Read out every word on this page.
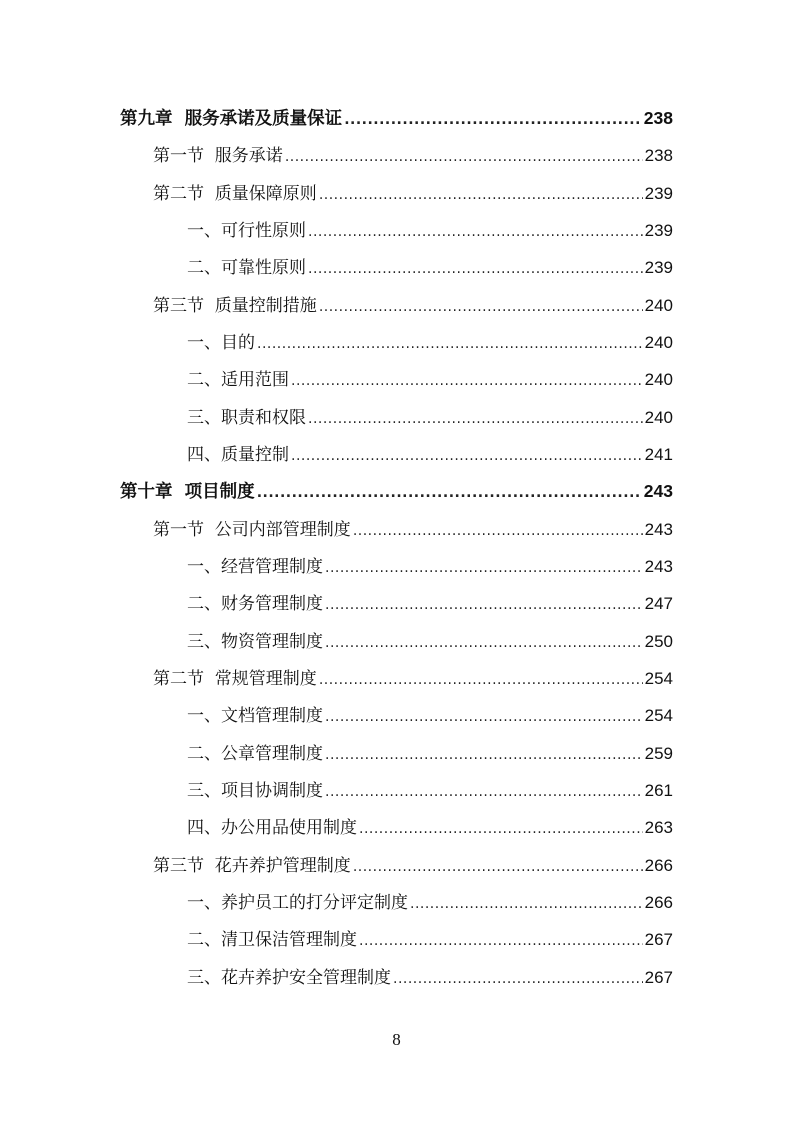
第九章  服务承诺及质量保证 .....	238
第一节  服务承诺 .....	238
第二节  质量保障原则 .....	239
一、可行性原则 .....	239
二、可靠性原则 .....	239
第三节  质量控制措施 .....	240
一、目的 .....	240
二、适用范围 .....	240
三、职责和权限 .....	240
四、质量控制 .....	241
第十章  项目制度 .....	243
第一节  公司内部管理制度 .....	243
一、经营管理制度 .....	243
二、财务管理制度 .....	247
三、物资管理制度 .....	250
第二节  常规管理制度 .....	254
一、文档管理制度 .....	254
二、公章管理制度 .....	259
三、项目协调制度 .....	261
四、办公用品使用制度 .....	263
第三节  花卉养护管理制度 .....	266
一、养护员工的打分评定制度 .....	266
二、清卫保洁管理制度 .....	267
三、花卉养护安全管理制度 .....	267
8
